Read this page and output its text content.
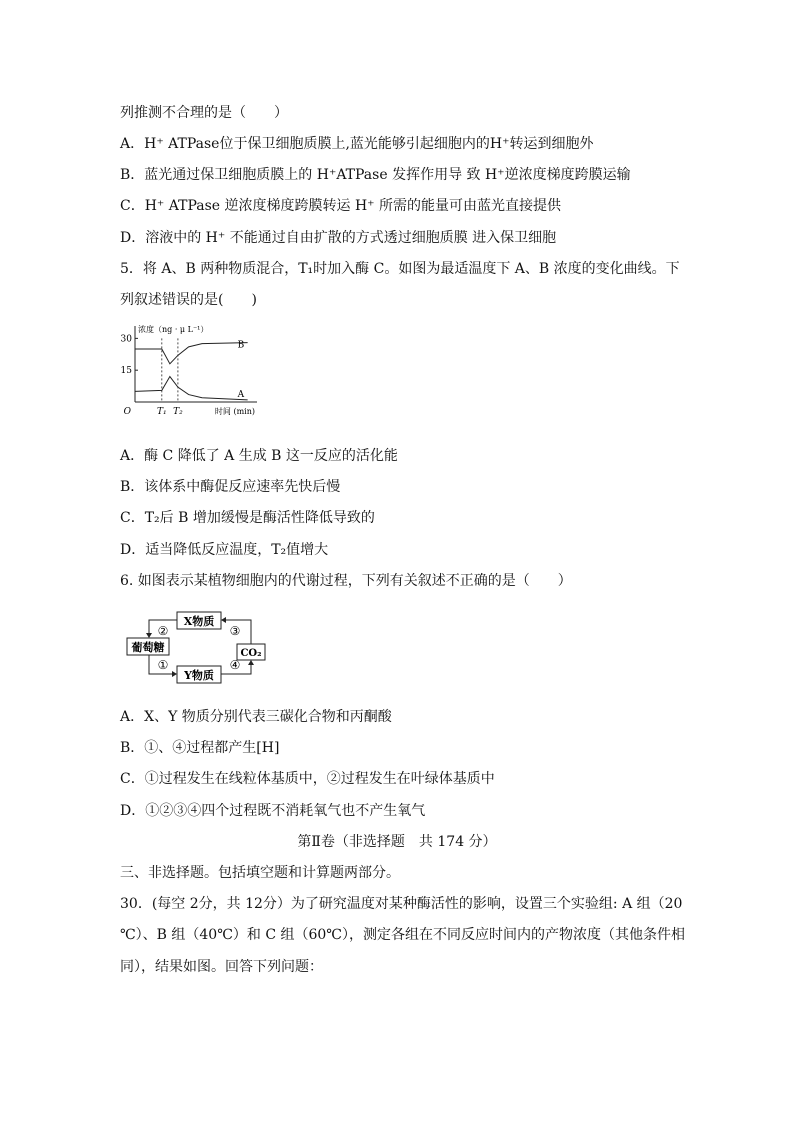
列推测不合理的是（　　）
A．H⁺ ATPase位于保卫细胞质膜上,蓝光能够引起细胞内的H⁺转运到细胞外
B．蓝光通过保卫细胞质膜上的 H⁺ATPase 发挥作用导 致 H⁺逆浓度梯度跨膜运输
C．H⁺ ATPase 逆浓度梯度跨膜转运 H⁺ 所需的能量可由蓝光直接提供
D．溶液中的 H⁺ 不能通过自由扩散的方式透过细胞质膜 进入保卫细胞
5．将 A、B 两种物质混合，T₁时加入酶 C。如图为最适温度下 A、B 浓度的变化曲线。下
列叙述错误的是(　　)
15
30
T₁ T₂
B
A
浓度（ng · μ L⁻¹）
时间 (min)
O
A．酶 C 降低了 A 生成 B 这一反应的活化能
B．该体系中酶促反应速率先快后慢
C．T₂后 B 增加缓慢是酶活性降低导致的
D．适当降低反应温度，T₂值增大
6. 如图表示某植物细胞内的代谢过程，下列有关叙述不正确的是（　　）
X物质
葡萄糖	CO₂
Y物质
②	③
①	④
A．X、Y 物质分别代表三碳化合物和丙酮酸
B．①、④过程都产生[H]
C．①过程发生在线粒体基质中，②过程发生在叶绿体基质中
D．①②③④四个过程既不消耗氧气也不产生氧气
第Ⅱ卷（非选择题　共 174 分）
三、非选择题。包括填空题和计算题两部分。
30．(每空 2分，共 12分）为了研究温度对某种酶活性的影响，设置三个实验组: A 组（20
℃）、B 组（40℃）和 C 组（60℃），测定各组在不同反应时间内的产物浓度（其他条件相
同），结果如图。回答下列问题：
